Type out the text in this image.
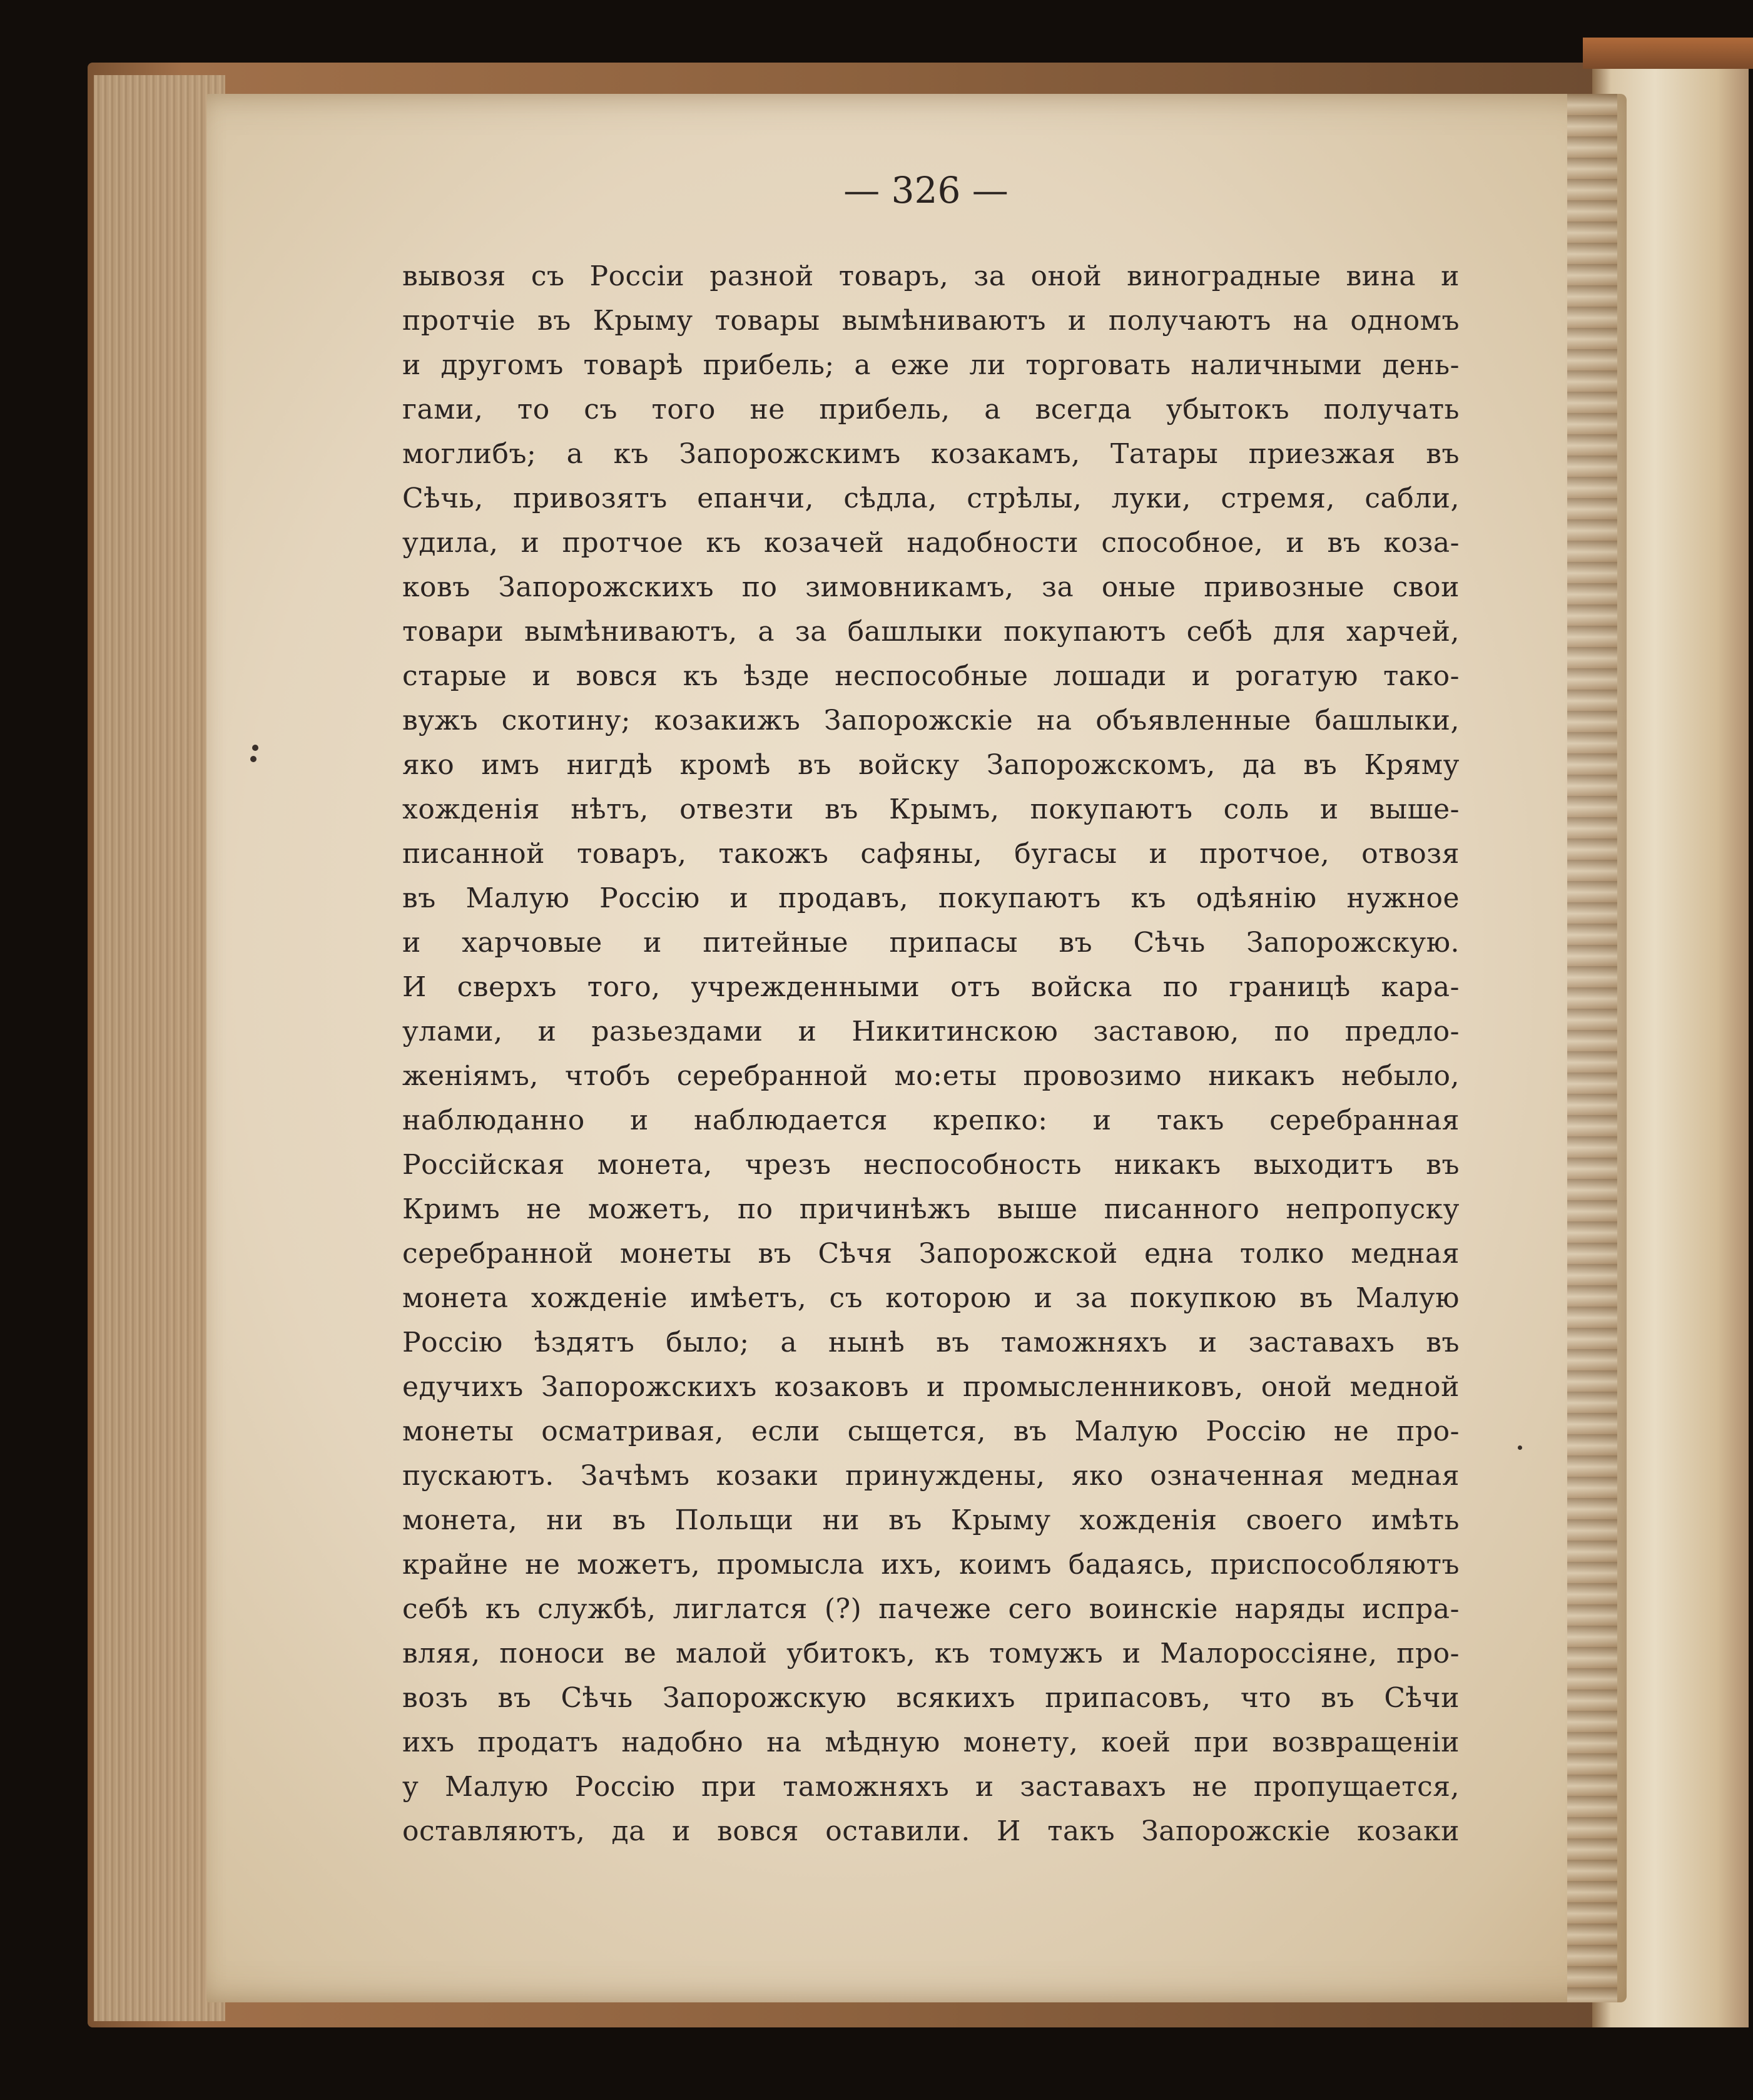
— 326 —
вывозя съ Россіи разной товаръ, за оной виноградные вина и
протчіе въ Крыму товары вымѣниваютъ и получаютъ на одномъ
и другомъ товарѣ прибель; а еже ли торговать наличными день-
гами, то съ того не прибель, а всегда убытокъ получать
моглибъ; а къ Запорожскимъ козакамъ, Татары приезжая въ
Сѣчь, привозятъ епанчи, сѣдла, стрѣлы, луки, стремя, сабли,
удила, и протчое къ козачей надобности способное, и въ коза-
ковъ Запорожскихъ по зимовникамъ, за оные привозные свои
товари вымѣниваютъ, а за башлыки покупаютъ себѣ для харчей,
старые и вовся къ ѣзде неспособные лошади и рогатую тако-
вужъ скотину; козакижъ Запорожскіе на объявленные башлыки,
яко имъ нигдѣ кромѣ въ войску Запорожскомъ, да въ Кряму
хожденія нѣтъ, отвезти въ Крымъ, покупаютъ соль и выше-
писанной товаръ, такожъ сафяны, бугасы и протчое, отвозя
въ Малую Россію и продавъ, покупаютъ къ одѣянію нужное
и харчовые и питейные припасы въ Сѣчь Запорожскую.
И сверхъ того, учрежденными отъ войска по границѣ кара-
улами, и разьездами и Никитинскою заставою, по предло-
женіямъ, чтобъ серебранной мо:еты провозимо никакъ небыло,
наблюданно и наблюдается крепко: и такъ серебранная
Россійская монета, чрезъ неспособность никакъ выходитъ въ
Кримъ не можетъ, по причинѣжъ выше писанного непропуску
серебранной монеты въ Сѣчя Запорожской една толко медная
монета хожденіе имѣетъ, съ которою и за покупкою въ Малую
Россію ѣздятъ было; а нынѣ въ таможняхъ и заставахъ въ
едучихъ Запорожскихъ козаковъ и промысленниковъ, оной медной
монеты осматривая, если сыщется, въ Малую Россію не про-
пускаютъ. Зачѣмъ козаки принуждены, яко означенная медная
монета, ни въ Польщи ни въ Крыму хожденія своего имѣть
крайне не можетъ, промысла ихъ, коимъ бадаясь, приспособляютъ
себѣ къ службѣ, лиглатся (?) пачеже сего воинскіе наряды испра-
вляя, поноси ве малой убитокъ, къ томужъ и Малороссіяне, про-
возъ въ Сѣчь Запорожскую всякихъ припасовъ, что въ Сѣчи
ихъ продатъ надобно на мѣдную монету, коей при возвращеніи
у Малую Россію при таможняхъ и заставахъ не пропущается,
оставляютъ, да и вовся оставили. И такъ Запорожскіе козаки
